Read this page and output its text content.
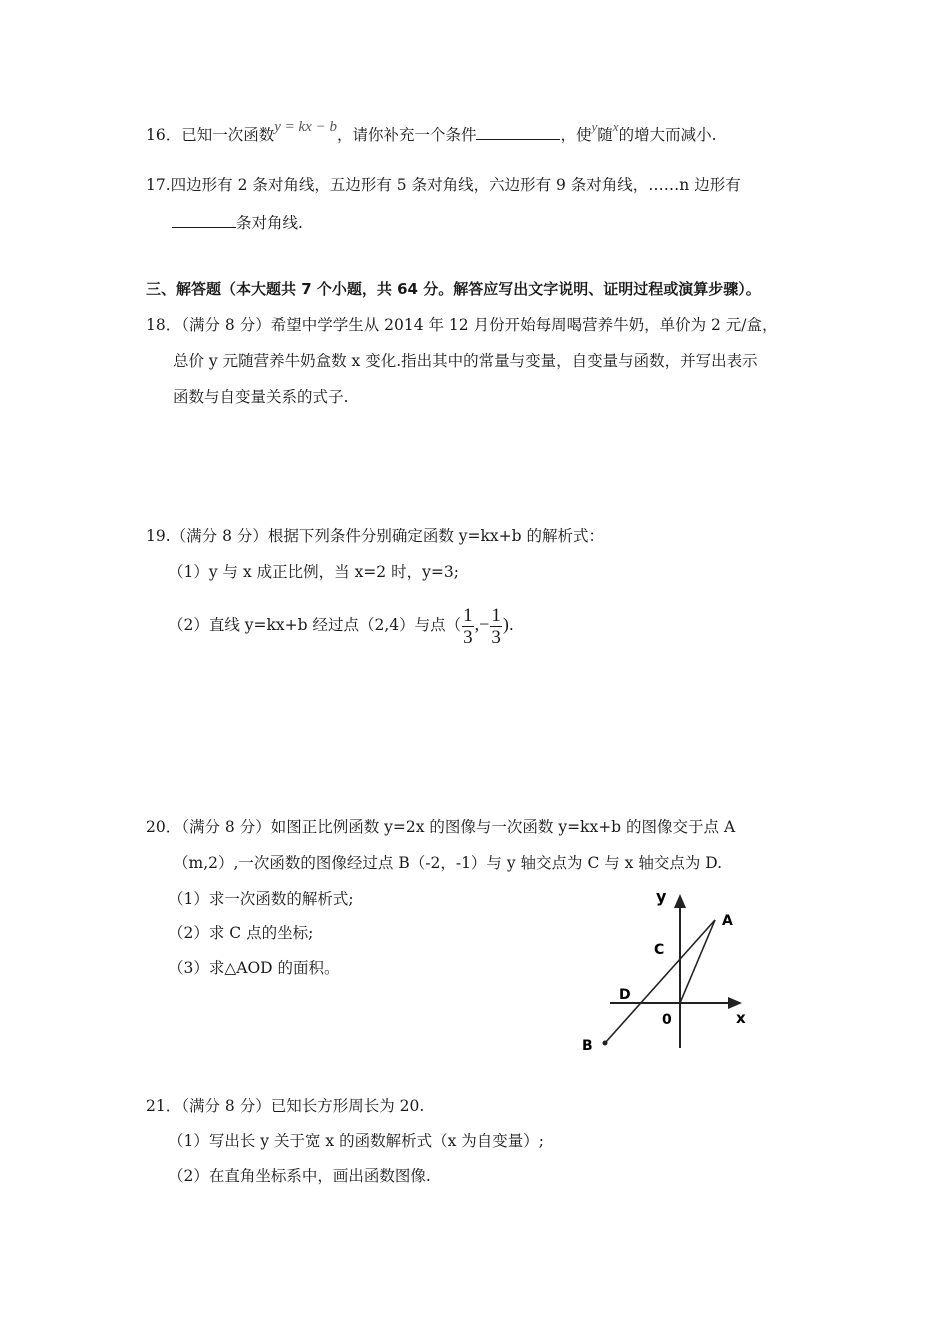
16．已知一次函数y = kx − b，请你补充一个条件	，使$^y$随$^x$的增大而减小.
17.四边形有 2 条对角线，五边形有 5 条对角线，六边形有 9 条对角线，……n 边形有
条对角线.
三、解答题（本大题共 7 个小题，共 64 分。解答应写出文字说明、证明过程或演算步骤）。
18．（满分 8 分）希望中学学生从 2014 年 12 月份开始每周喝营养牛奶，单价为 2 元/盒，
总价 y 元随营养牛奶盒数 x 变化.指出其中的常量与变量，自变量与函数，并写出表示
函数与自变量关系的式子.
19.（满分 8 分）根据下列条件分别确定函数 y=kx+b 的解析式：
（1）y 与 x 成正比例，当 x=2 时，y=3;
（2）直线 y=kx+b 经过点（2,4）与点（ $\frac{1}{3}$ ,− $\frac{1}{3}$ ).
20．（满分 8 分）如图正比例函数 y=2x 的图像与一次函数 y=kx+b 的图像交于点 A
（m,2）,一次函数的图像经过点 B（-2，-1）与 y 轴交点为 C 与 x 轴交点为 D.
（1）求一次函数的解析式;
（2）求 C 点的坐标;
（3）求△AOD 的面积。
y
x
A
B
C
D
0
21．（满分 8 分）已知长方形周长为 20.
（1）写出长 y 关于宽 x 的函数解析式（x 为自变量）;
（2）在直角坐标系中，画出函数图像.
